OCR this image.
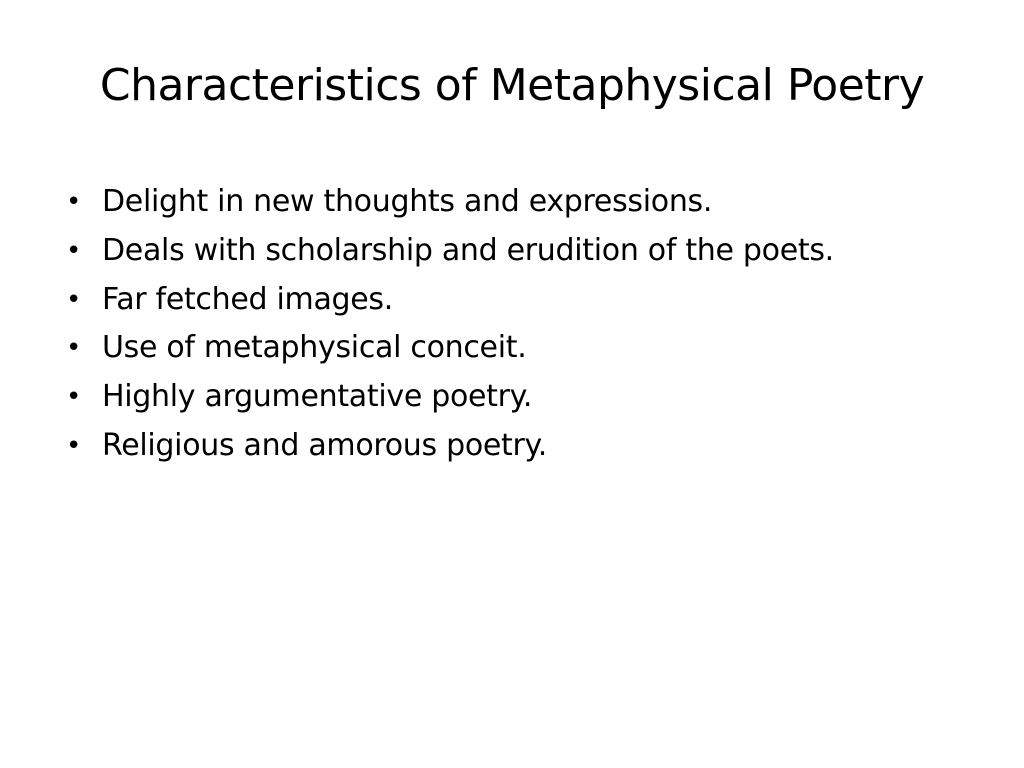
Characteristics of Metaphysical Poetry
• Delight in new thoughts and expressions.
• Deals with scholarship and erudition of the poets.
• Far fetched images.
• Use of metaphysical conceit.
• Highly argumentative poetry.
• Religious and amorous poetry.
